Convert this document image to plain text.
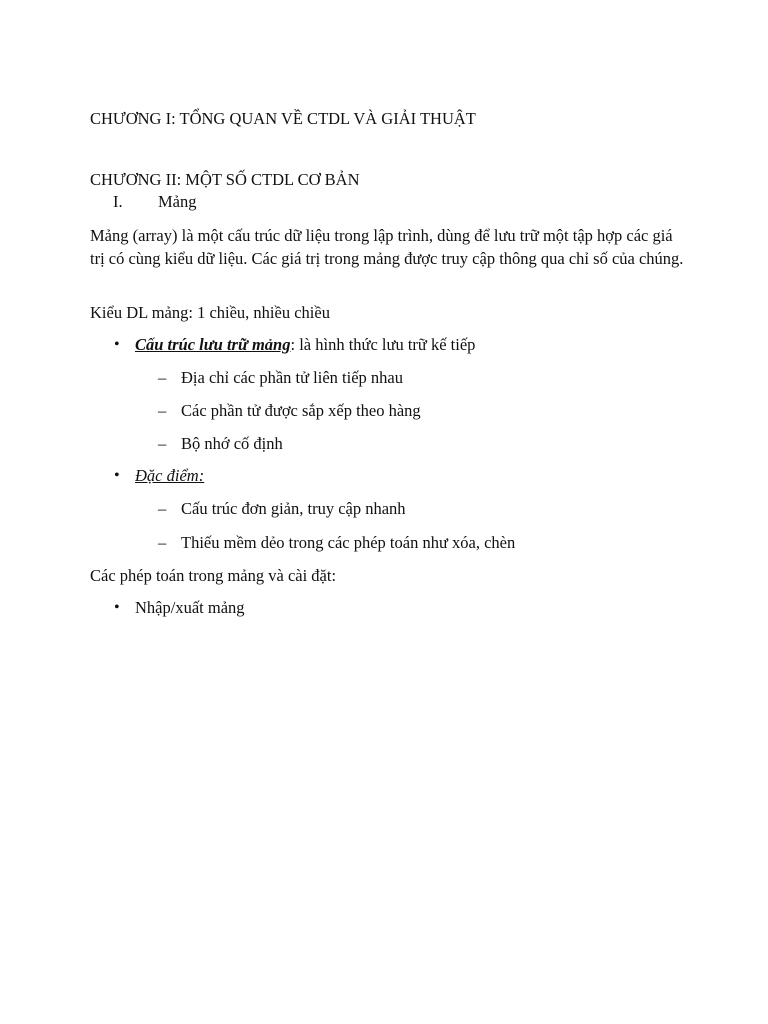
CHƯƠNG I: TỔNG QUAN VỀ CTDL VÀ GIẢI THUẬT
CHƯƠNG II: MỘT SỐ CTDL CƠ BẢN
I. Mảng
Mảng (array) là một cấu trúc dữ liệu trong lập trình, dùng để lưu trữ một tập hợp các giá trị có cùng kiểu dữ liệu. Các giá trị trong mảng được truy cập thông qua chỉ số của chúng.
Kiểu DL mảng: 1 chiều, nhiều chiều
• Cấu trúc lưu trữ mảng: là hình thức lưu trữ kế tiếp
– Địa chỉ các phần tử liên tiếp nhau
– Các phần tử được sắp xếp theo hàng
– Bộ nhớ cố định
• Đặc điểm:
– Cấu trúc đơn giản, truy cập nhanh
– Thiếu mềm dẻo trong các phép toán như xóa, chèn
Các phép toán trong mảng và cài đặt:
• Nhập/xuất mảng
